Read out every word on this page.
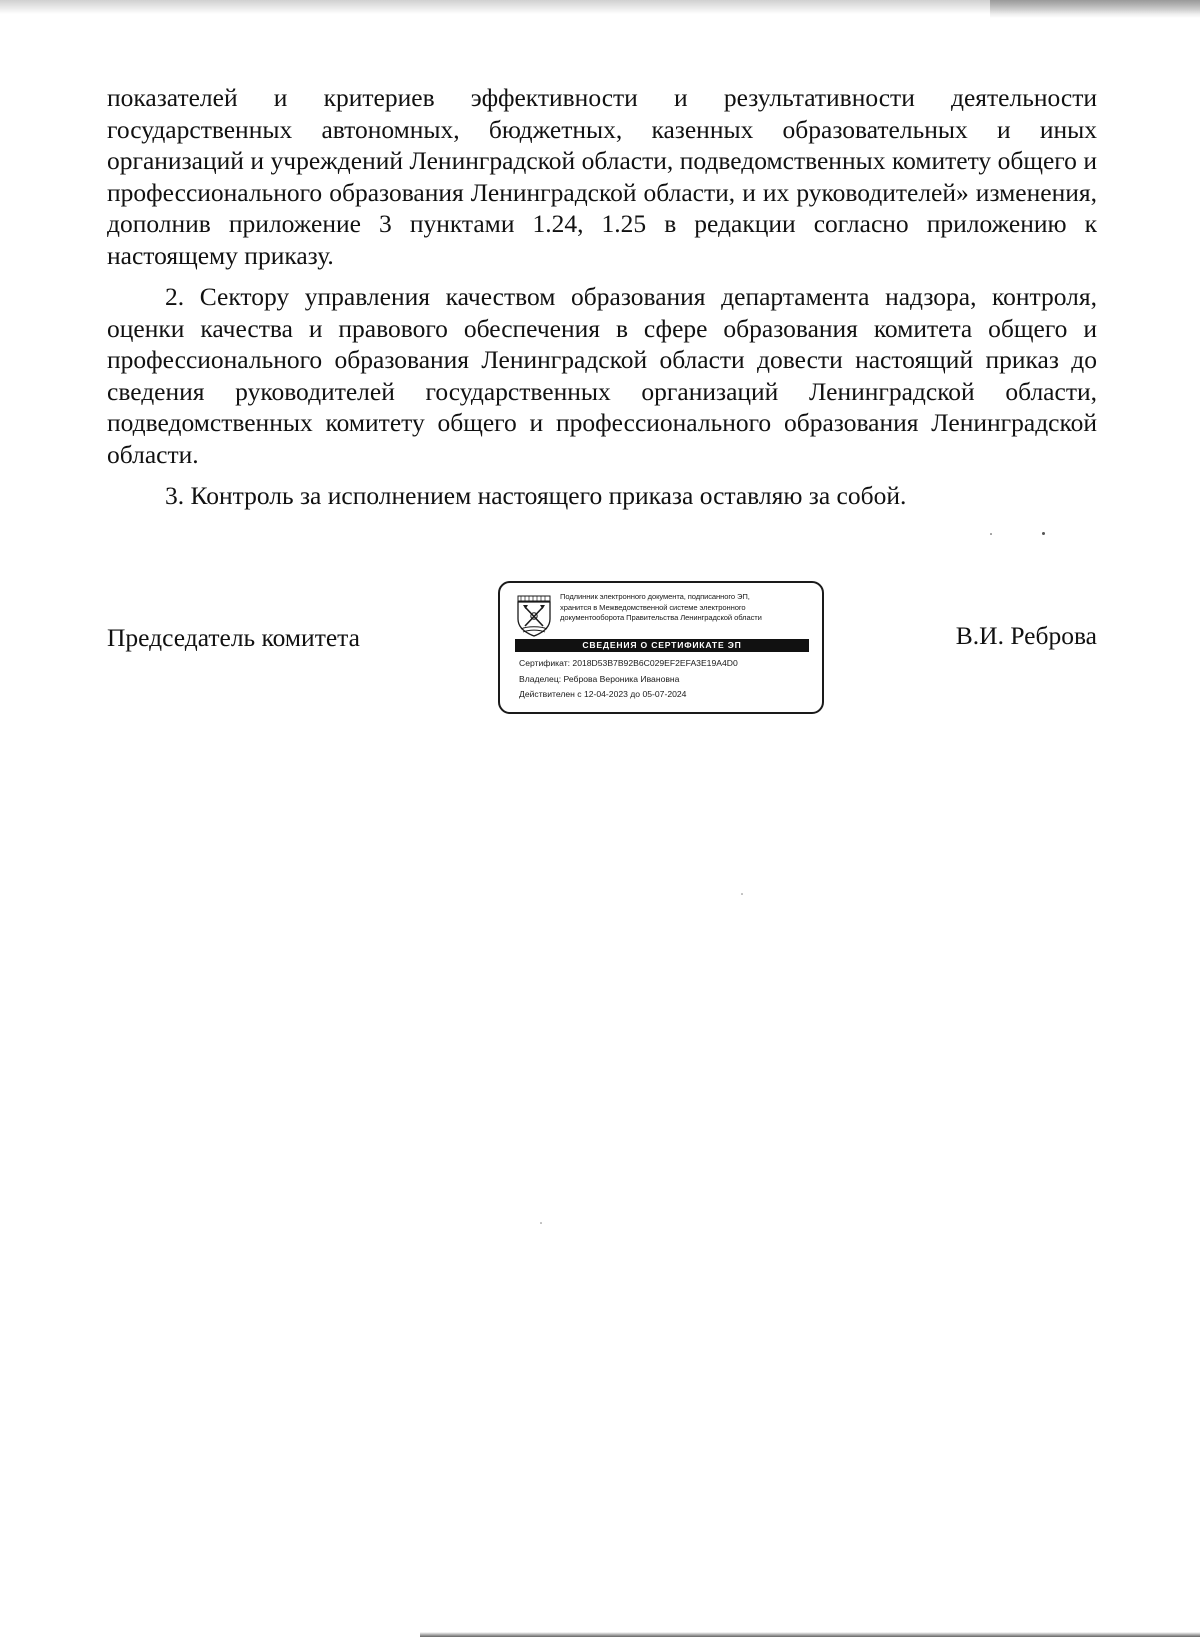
показателей и критериев эффективности и результативности деятельности государственных автономных, бюджетных, казенных образовательных и иных организаций и учреждений Ленинградской области, подведомственных комитету общего и профессионального образования Ленинградской области, и их руководителей» изменения, дополнив приложение 3 пунктами 1.24, 1.25 в редакции согласно приложению к настоящему приказу.

2. Сектору управления качеством образования департамента надзора, контроля, оценки качества и правового обеспечения в сфере образования комитета общего и профессионального образования Ленинградской области довести настоящий приказ до сведения руководителей государственных организаций Ленинградской области, подведомственных комитету общего и профессионального образования Ленинградской области.

3. Контроль за исполнением настоящего приказа оставляю за собой.

Председатель комитета
Подлинник электронного документа, подписанного ЭП,
хранится в Межведомственной системе электронного
документооборота Правительства Ленинградской области
СВЕДЕНИЯ О СЕРТИФИКАТЕ ЭП
Сертификат: 2018D53B7B92B6C029EF2EFA3E19A4D0
Владелец: Реброва Вероника Ивановна
Действителен с 12-04-2023 до 05-07-2024
В.И. Реброва
